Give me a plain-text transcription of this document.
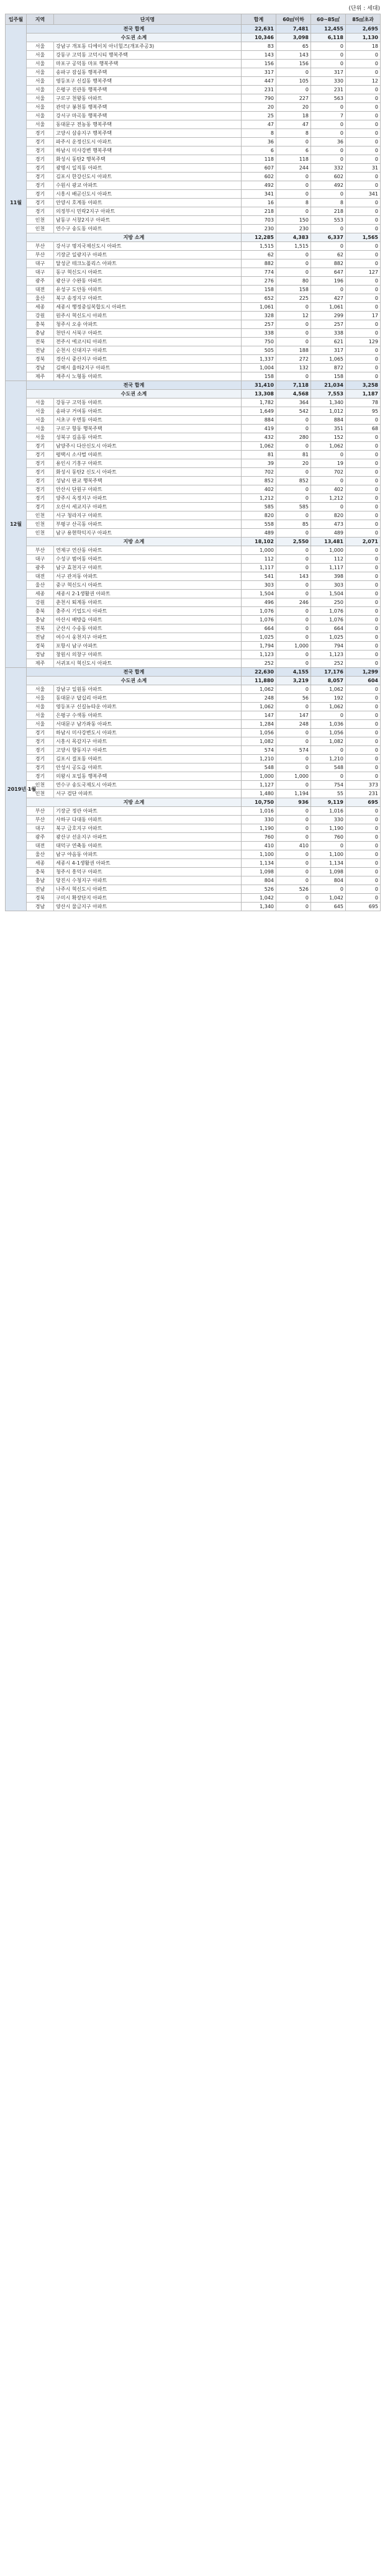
(단위 : 세대)
입주월	지역	단지명	합계	60㎡이하	60~85㎡	85㎡초과
11월	전국 합계		22,631	7,481	12,455	2,695
	수도권 소계		10,346	3,098	6,118	1,130
	서울	강남구 개포동 디에이치 아너힐즈(개포주공3)	83	65	0	18
	서울	강동구 고덕동 고덕시티 행복주택	143	143	0	0
	서울	마포구 공덕동 마포 행복주택	156	156	0	0
	서울	송파구 잠실동 행복주택	317	0	317	0
	서울	영등포구 신길동 행복주택	447	105	330	12
	서울	은평구 진관동 행복주택	231	0	231	0
	서울	구로구 천왕동 아파트	790	227	563	0
	서울	관악구 봉천동 행복주택	20	20	0	0
	서울	강서구 마곡동 행복주택	25	18	7	0
	서울	동대문구 전농동 행복주택	47	47	0	0
	경기	고양시 삼송지구 행복주택	8	8	0	0
	경기	파주시 운정신도시 아파트	36	0	36	0
	경기	하남시 미사강변 행복주택	6	6	0	0
	경기	화성시 동탄2 행복주택	118	118	0	0
	경기	광명시 일직동 아파트	607	244	332	31
	경기	김포시 한강신도시 아파트	602	0	602	0
	경기	수원시 광교 아파트	492	0	492	0
	경기	시흥시 배곧신도시 아파트	341	0	0	341
	경기	안양시 호계동 아파트	16	8	8	0
	경기	의정부시 민락2지구 아파트	218	0	218	0
	인천	남동구 서창2지구 아파트	703	150	553	0
	인천	연수구 송도동 아파트	230	230	0	0
	지방 소계		12,285	4,383	6,337	1,565
	부산	강서구 명지국제신도시 아파트	1,515	1,515	0	0
	부산	기장군 일광지구 아파트	62	0	62	0
	대구	달성군 테크노폴리스 아파트	882	0	882	0
	대구	동구 혁신도시 아파트	774	0	647	127
	광주	광산구 수완동 아파트	276	80	196	0
	대전	유성구 도안동 아파트	158	158	0	0
	울산	북구 송정지구 아파트	652	225	427	0
	세종	세종시 행정중심복합도시 아파트	1,061	0	1,061	0
	강원	원주시 혁신도시 아파트	328	12	299	17
	충북	청주시 오송 아파트	257	0	257	0
	충남	천안시 서북구 아파트	338	0	338	0
	전북	전주시 에코시티 아파트	750	0	621	129
	전남	순천시 신대지구 아파트	505	188	317	0
	경북	경산시 중산지구 아파트	1,337	272	1,065	0
	경남	김해시 율하2지구 아파트	1,004	132	872	0
	제주	제주시 노형동 아파트	158	0	158	0
12월	전국 합계		31,410	7,118	21,034	3,258
	수도권 소계		13,308	4,568	7,553	1,187
	서울	강동구 고덕동 아파트	1,782	364	1,340	78
	서울	송파구 거여동 아파트	1,649	542	1,012	95
	서울	서초구 우면동 아파트	884	0	884	0
	서울	구로구 항동 행복주택	419	0	351	68
	서울	성북구 길음동 아파트	432	280	152	0
	경기	남양주시 다산신도시 아파트	1,062	0	1,062	0
	경기	평택시 소사벌 아파트	81	81	0	0
	경기	용인시 기흥구 아파트	39	20	19	0
	경기	화성시 동탄2 신도시 아파트	702	0	702	0
	경기	성남시 판교 행복주택	852	852	0	0
	경기	안산시 단원구 아파트	402	0	402	0
	경기	양주시 옥정지구 아파트	1,212	0	1,212	0
	경기	오산시 세교지구 아파트	585	585	0	0
	인천	서구 청라지구 아파트	820	0	820	0
	인천	부평구 산곡동 아파트	558	85	473	0
	인천	남구 용현학익지구 아파트	489	0	489	0
	지방 소계		18,102	2,550	13,481	2,071
	부산	연제구 연산동 아파트	1,000	0	1,000	0
	대구	수성구 범어동 아파트	112	0	112	0
	광주	남구 효천지구 아파트	1,117	0	1,117	0
	대전	서구 관저동 아파트	541	143	398	0
	울산	중구 혁신도시 아파트	303	0	303	0
	세종	세종시 2-1생활권 아파트	1,504	0	1,504	0
	강원	춘천시 퇴계동 아파트	496	246	250	0
	충북	충주시 기업도시 아파트	1,076	0	1,076	0
	충남	아산시 배방읍 아파트	1,076	0	1,076	0
	전북	군산시 수송동 아파트	664	0	664	0
	전남	여수시 웅천지구 아파트	1,025	0	1,025	0
	경북	포항시 남구 아파트	1,794	1,000	794	0
	경남	창원시 의창구 아파트	1,123	0	1,123	0
	제주	서귀포시 혁신도시 아파트	252	0	252	0
2019년 1월	전국 합계		22,630	4,155	17,176	1,299
	수도권 소계		11,880	3,219	8,057	604
	서울	강남구 일원동 아파트	1,062	0	1,062	0
	서울	동대문구 답십리 아파트	248	56	192	0
	서울	영등포구 신길뉴타운 아파트	1,062	0	1,062	0
	서울	은평구 수색동 아파트	147	147	0	0
	서울	서대문구 남가좌동 아파트	1,284	248	1,036	0
	경기	하남시 미사강변도시 아파트	1,056	0	1,056	0
	경기	시흥시 목감지구 아파트	1,082	0	1,082	0
	경기	고양시 향동지구 아파트	574	574	0	0
	경기	김포시 걸포동 아파트	1,210	0	1,210	0
	경기	안성시 공도읍 아파트	548	0	548	0
	경기	의왕시 포일동 행복주택	1,000	1,000	0	0
	인천	연수구 송도국제도시 아파트	1,127	0	754	373
	인천	서구 검단 아파트	1,480	1,194	55	231
	지방 소계		10,750	936	9,119	695
	부산	기장군 정관 아파트	1,016	0	1,016	0
	부산	사하구 다대동 아파트	330	0	330	0
	대구	북구 금호지구 아파트	1,190	0	1,190	0
	광주	광산구 선운지구 아파트	760	0	760	0
	대전	대덕구 연축동 아파트	410	410	0	0
	울산	남구 야음동 아파트	1,100	0	1,100	0
	세종	세종시 4-1생활권 아파트	1,134	0	1,134	0
	충북	청주시 흥덕구 아파트	1,098	0	1,098	0
	충남	당진시 수청지구 아파트	804	0	804	0
	전남	나주시 혁신도시 아파트	526	526	0	0
	경북	구미시 확장단지 아파트	1,042	0	1,042	0
	경남	양산시 물금지구 아파트	1,340	0	645	695
